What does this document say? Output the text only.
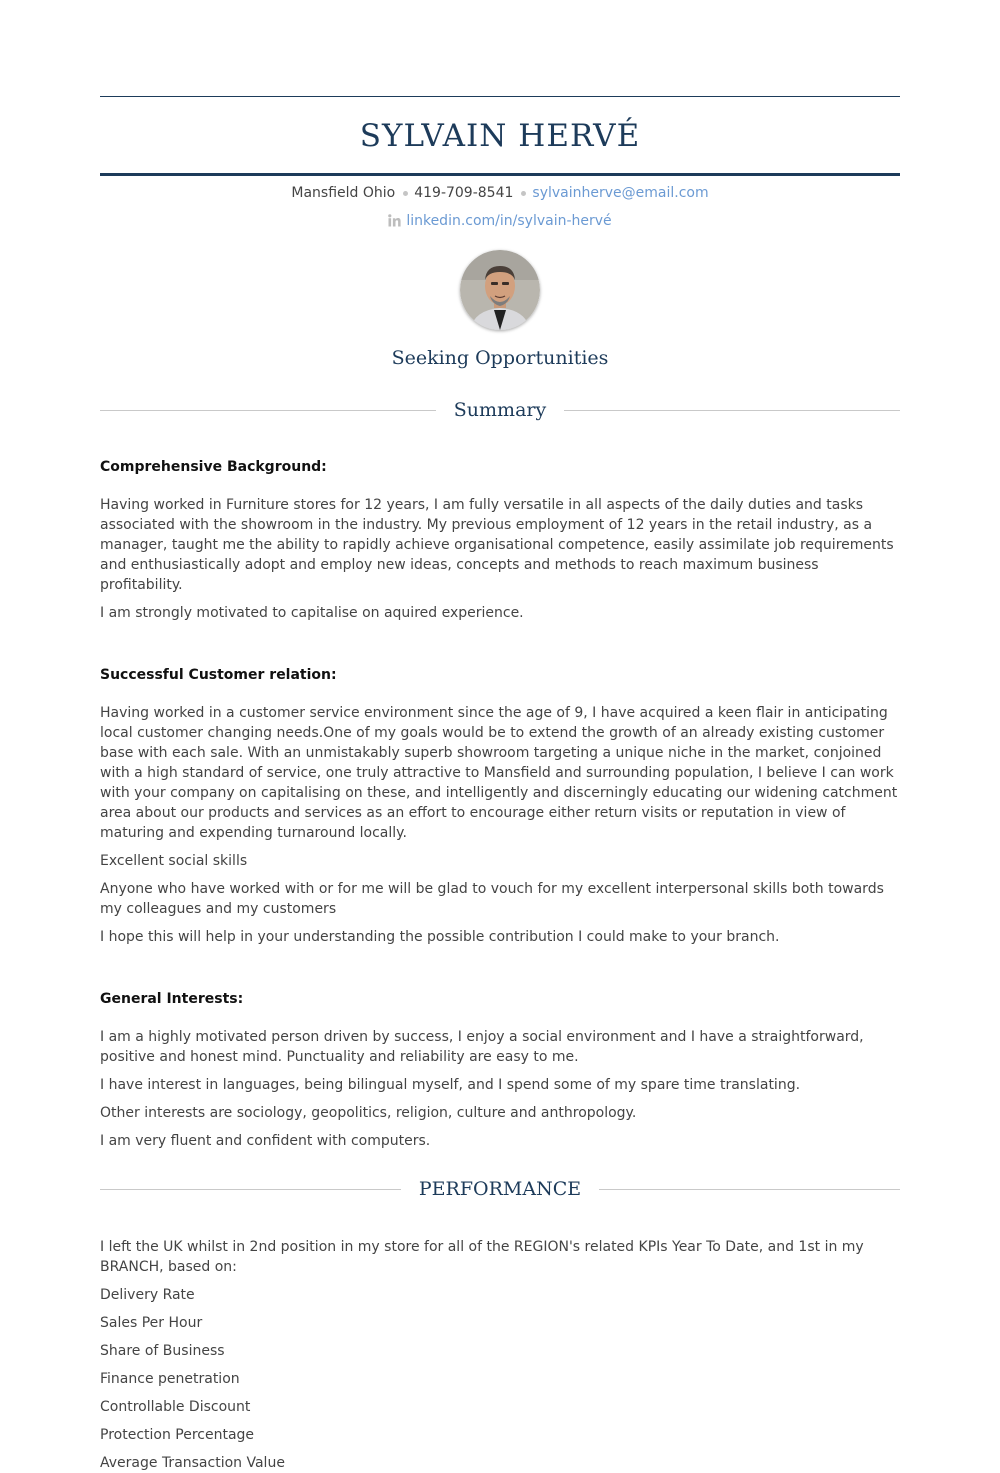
SYLVAIN HERVÉ
Mansfield Ohio 419-709-8541 sylvainherve@email.com
linkedin.com/in/sylvain-hervé
Seeking Opportunities
Summary
Comprehensive Background:

Having worked in Furniture stores for 12 years, I am fully versatile in all aspects of the daily duties and tasks associated with the showroom in the industry. My previous employment of 12 years in the retail industry, as a manager, taught me the ability to rapidly achieve organisational competence, easily assimilate job requirements and enthusiastically adopt and employ new ideas, concepts and methods to reach maximum business profitability.

I am strongly motivated to capitalise on aquired experience.

Successful Customer relation:

Having worked in a customer service environment since the age of 9, I have acquired a keen flair in anticipating local customer changing needs.One of my goals would be to extend the growth of an already existing customer base with each sale. With an unmistakably superb showroom targeting a unique niche in the market, conjoined with a high standard of service, one truly attractive to Mansfield and surrounding population, I believe I can work with your company on capitalising on these, and intelligently and discerningly educating our widening catchment area about our products and services as an effort to encourage either return visits or reputation in view of maturing and expending turnaround locally.

Excellent social skills

Anyone who have worked with or for me will be glad to vouch for my excellent interpersonal skills both towards my colleagues and my customers

I hope this will help in your understanding the possible contribution I could make to your branch.

General Interests:

I am a highly motivated person driven by success, I enjoy a social environment and I have a straightforward, positive and honest mind. Punctuality and reliability are easy to me.

I have interest in languages, being bilingual myself, and I spend some of my spare time translating.

Other interests are sociology, geopolitics, religion, culture and anthropology.

I am very fluent and confident with computers.

PERFORMANCE

I left the UK whilst in 2nd position in my store for all of the REGION's related KPIs Year To Date, and 1st in my BRANCH, based on:

Delivery Rate

Sales Per Hour

Share of Business

Finance penetration

Controllable Discount

Protection Percentage

Average Transaction Value
